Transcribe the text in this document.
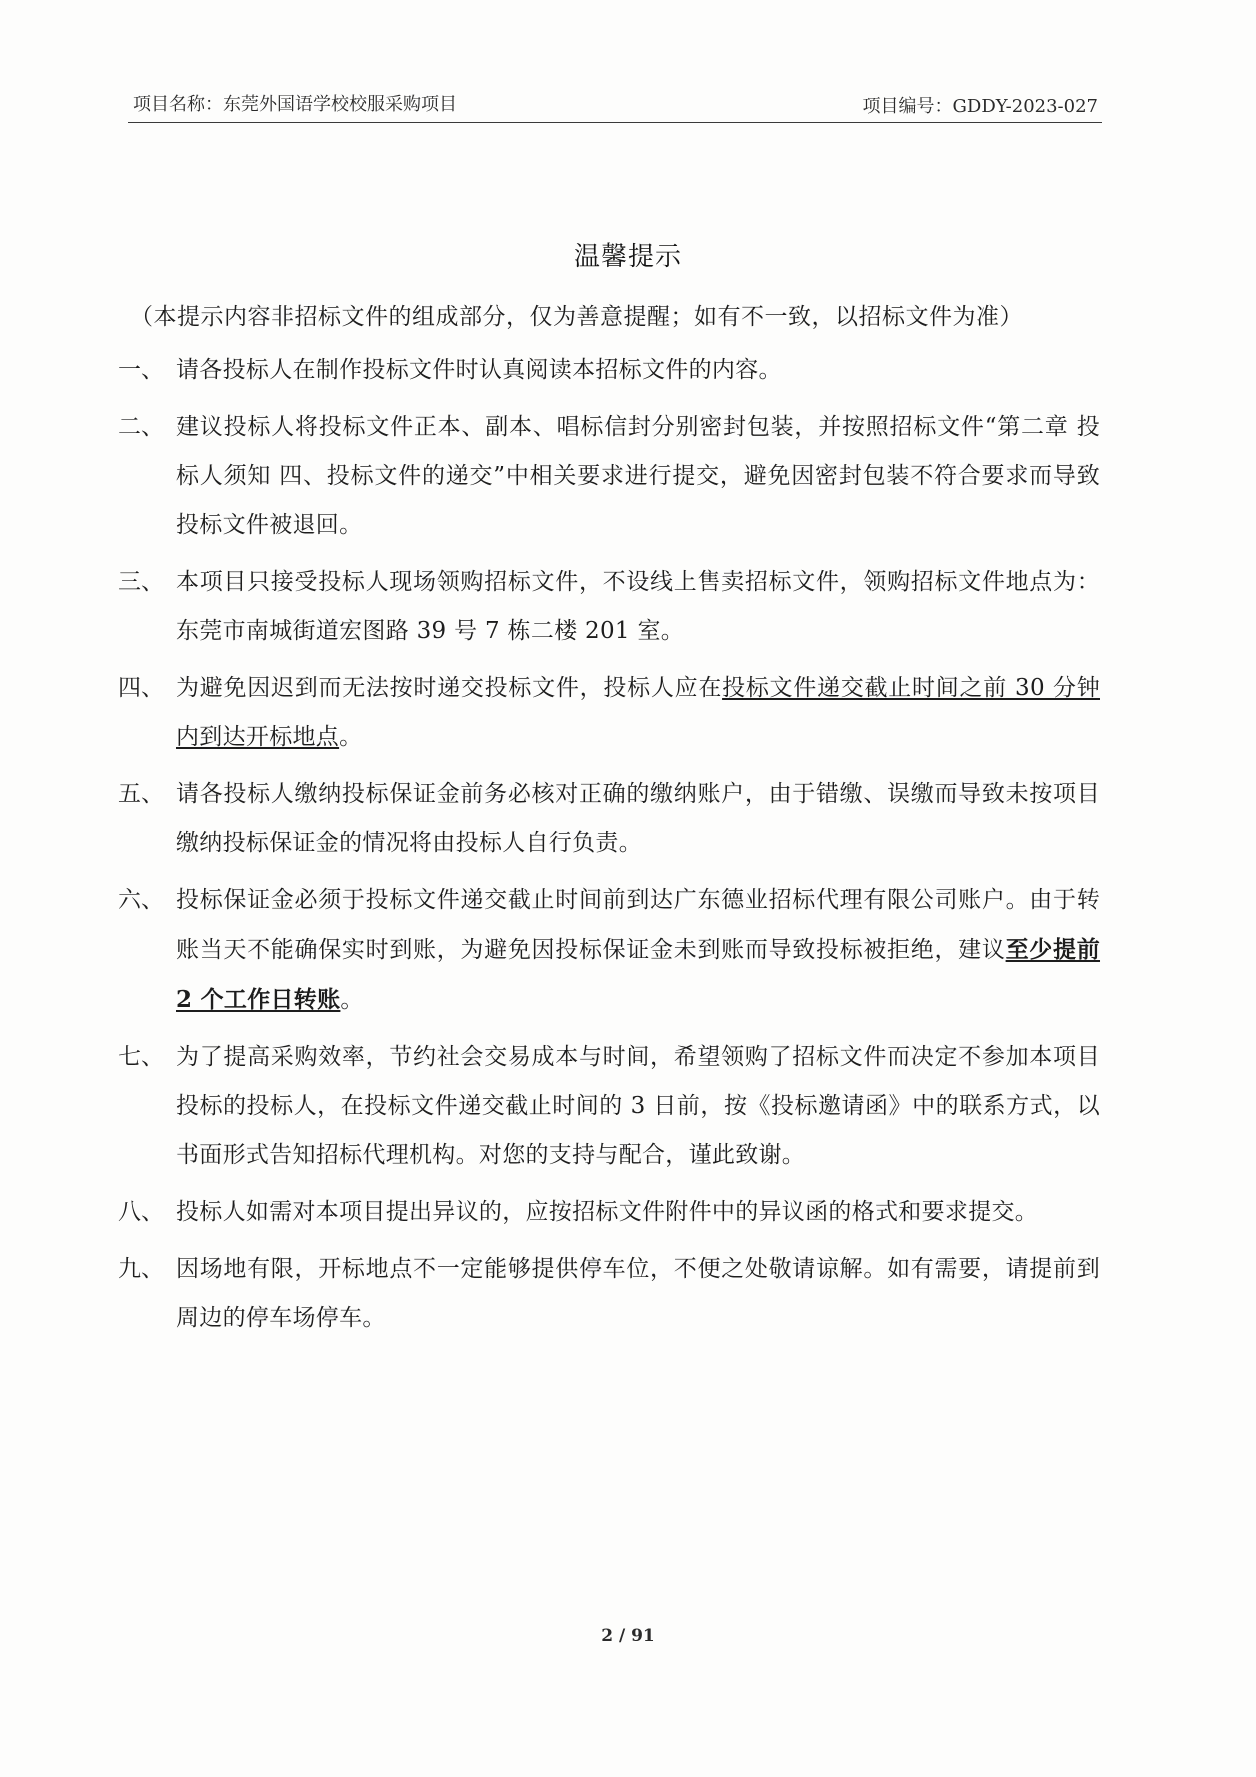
项目名称：东莞外国语学校校服采购项目	项目编号：GDDY-2023-027
温馨提示
（本提示内容非招标文件的组成部分，仅为善意提醒；如有不一致，以招标文件为准）
一、 请各投标人在制作投标文件时认真阅读本招标文件的内容。
二、 建议投标人将投标文件正本、副本、唱标信封分别密封包装，并按照招标文件“第二章 投标人须知 四、投标文件的递交”中相关要求进行提交，避免因密封包装不符合要求而导致投标文件被退回。
三、 本项目只接受投标人现场领购招标文件，不设线上售卖招标文件，领购招标文件地点为：东莞市南城街道宏图路 39 号 7 栋二楼 201 室。
四、 为避免因迟到而无法按时递交投标文件，投标人应在投标文件递交截止时间之前 30 分钟内到达开标地点。
五、 请各投标人缴纳投标保证金前务必核对正确的缴纳账户，由于错缴、误缴而导致未按项目缴纳投标保证金的情况将由投标人自行负责。
六、 投标保证金必须于投标文件递交截止时间前到达广东德业招标代理有限公司账户。由于转账当天不能确保实时到账，为避免因投标保证金未到账而导致投标被拒绝，建议至少提前 2 个工作日转账。
七、 为了提高采购效率，节约社会交易成本与时间，希望领购了招标文件而决定不参加本项目投标的投标人，在投标文件递交截止时间的 3 日前，按《投标邀请函》中的联系方式，以书面形式告知招标代理机构。对您的支持与配合，谨此致谢。
八、 投标人如需对本项目提出异议的，应按招标文件附件中的异议函的格式和要求提交。
九、 因场地有限，开标地点不一定能够提供停车位，不便之处敬请谅解。如有需要，请提前到周边的停车场停车。
2 / 91
